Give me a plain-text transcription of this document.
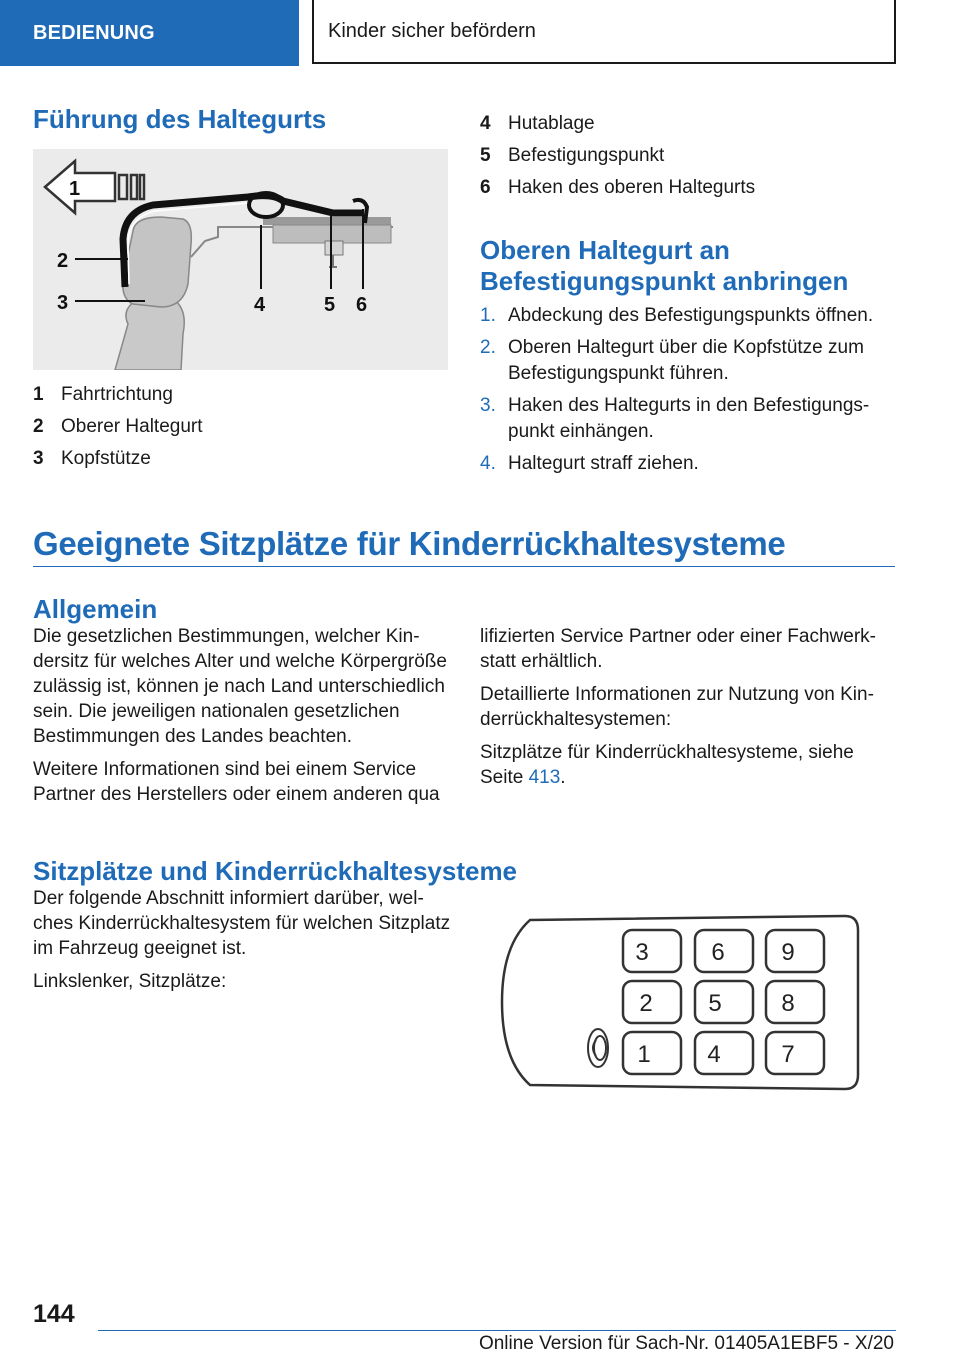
BEDIENUNG	Kinder sicher befördern
Führung des Haltegurts
1
2
3	4	5 6
1 Fahrtrichtung
2 Oberer Haltegurt
3 Kopfstütze
4 Hutablage
5 Befestigungspunkt
6 Haken des oberen Haltegurts
Oberen Haltegurt an
Befestigungspunkt anbringen
1. Abdeckung des Befestigungspunkts öffnen.
2. Oberen Haltegurt über die Kopfstütze zum Befestigungspunkt führen.
3. Haken des Haltegurts in den Befestigungspunkt einhängen.
4. Haltegurt straff ziehen.
Geeignete Sitzplätze für Kinderrückhaltesysteme
Allgemein

Die gesetzlichen Bestimmungen, welcher Kindersitz für welches Alter und welche Körpergröße zulässig ist, können je nach Land unterschiedlich sein. Die jeweiligen nationalen gesetzlichen Bestimmungen des Landes beachten.

Weitere Informationen sind bei einem Service Partner des Herstellers oder einem anderen qua

lifizierten Service Partner oder einer Fachwerkstatt erhältlich.

Detaillierte Informationen zur Nutzung von Kinderrückhaltesystemen:

Sitzplätze für Kinderrückhaltesysteme, siehe Seite 413.

Sitzplätze und Kinderrückhaltesysteme

Der folgende Abschnitt informiert darüber, welches Kinderrückhaltesystem für welchen Sitzplatz im Fahrzeug geeignet ist.

Linkslenker, Sitzplätze:

3	6 9
2 5 8
1 4	7
144
Online Version für Sach-Nr. 01405A1EBF5 - X/20
